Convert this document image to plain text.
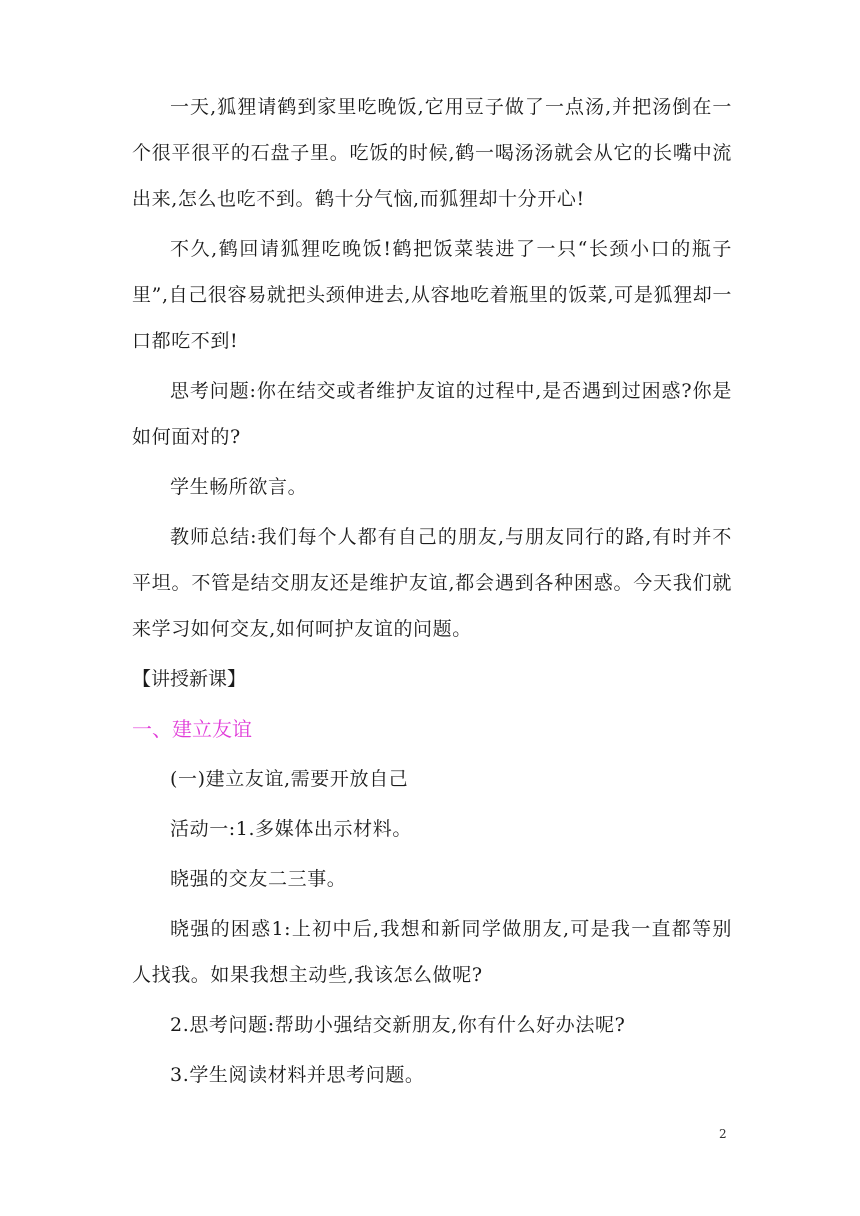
一天,狐狸请鹤到家里吃晚饭,它用豆子做了一点汤,并把汤倒在一个很平很平的石盘子里。吃饭的时候,鹤一喝汤汤就会从它的长嘴中流出来,怎么也吃不到。鹤十分气恼,而狐狸却十分开心!

不久,鹤回请狐狸吃晚饭!鹤把饭菜装进了一只“长颈小口的瓶子里”,自己很容易就把头颈伸进去,从容地吃着瓶里的饭菜,可是狐狸却一口都吃不到!

思考问题:你在结交或者维护友谊的过程中,是否遇到过困惑?你是如何面对的?

学生畅所欲言。

教师总结:我们每个人都有自己的朋友,与朋友同行的路,有时并不平坦。不管是结交朋友还是维护友谊,都会遇到各种困惑。今天我们就来学习如何交友,如何呵护友谊的问题。

【讲授新课】

一、建立友谊

(一)建立友谊,需要开放自己

活动一:1.多媒体出示材料。

晓强的交友二三事。

晓强的困惑1:上初中后,我想和新同学做朋友,可是我一直都等别人找我。如果我想主动些,我该怎么做呢?

2.思考问题:帮助小强结交新朋友,你有什么好办法呢?

3.学生阅读材料并思考问题。

2
